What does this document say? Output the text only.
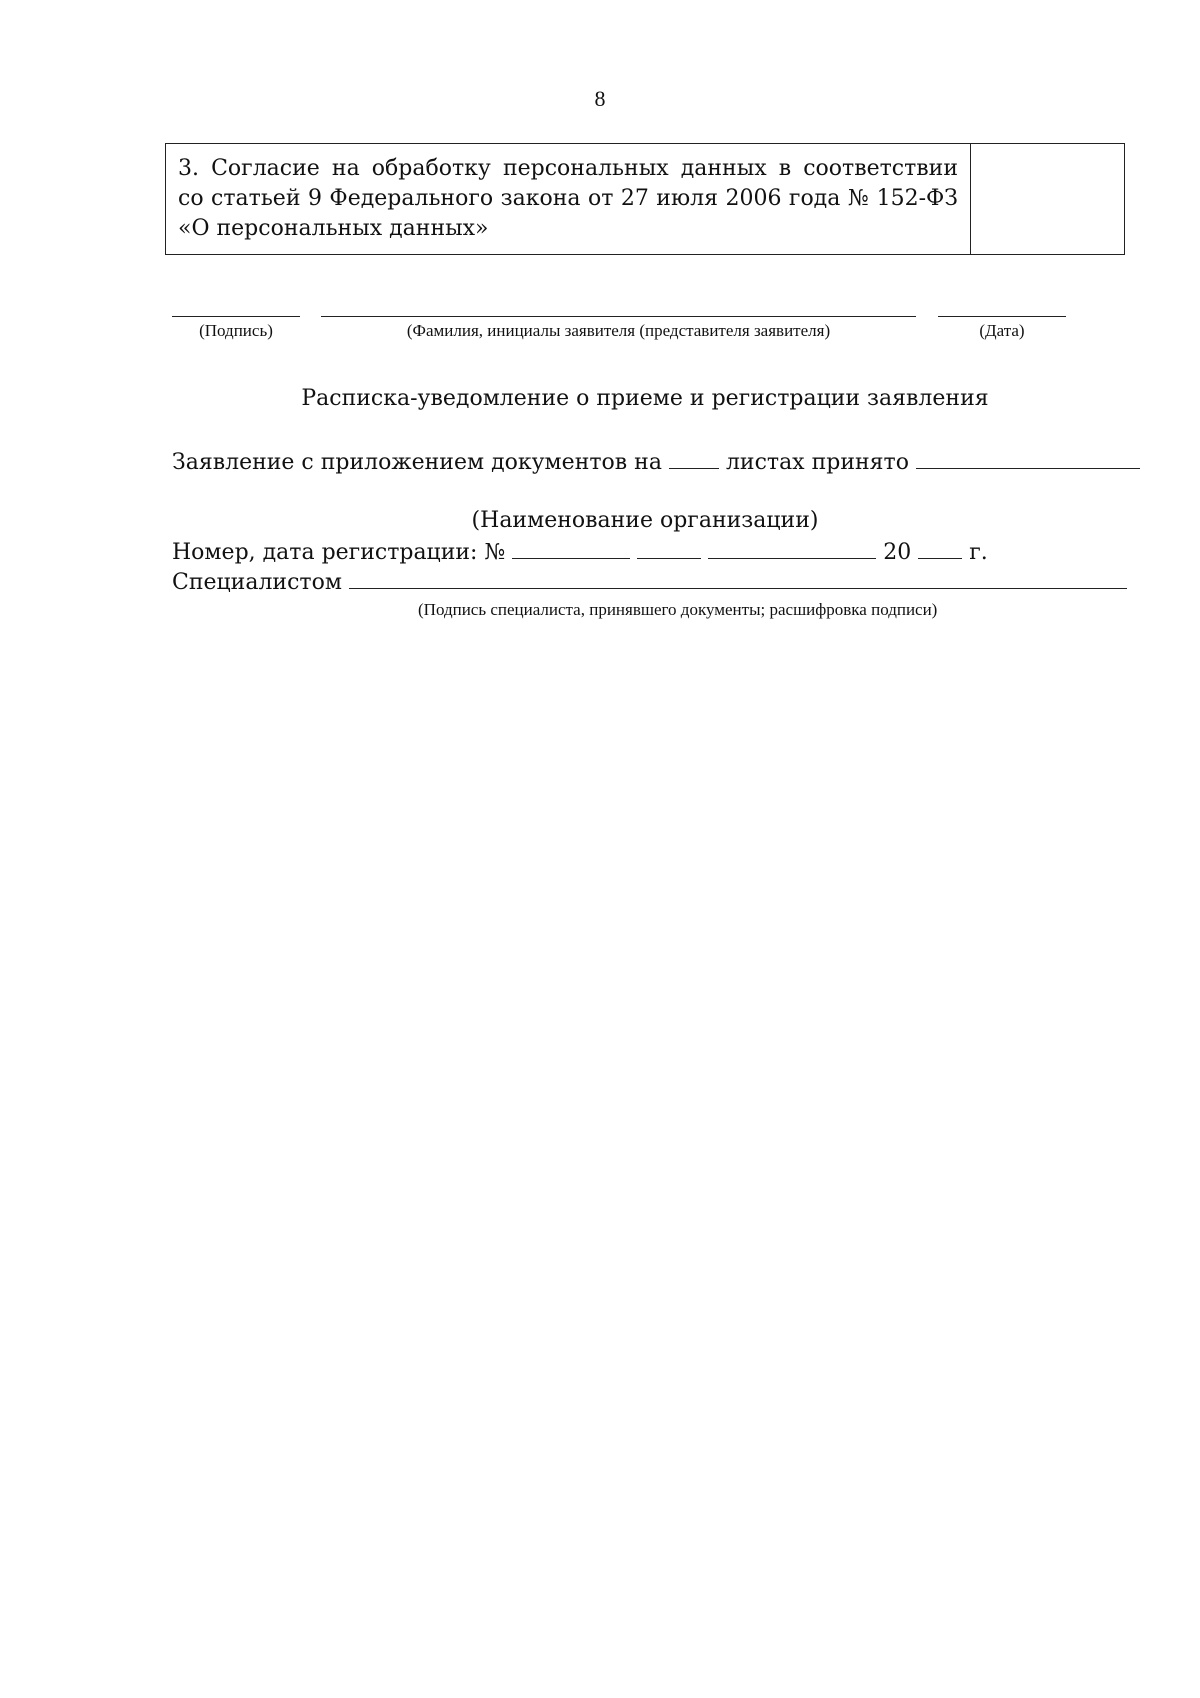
8
3. Согласие на обработку персональных данных в соответствии
со статьей 9 Федерального закона от 27 июля 2006 года № 152-ФЗ
«О персональных данных»
(Подпись)	(Фамилия, инициалы заявителя (представителя заявителя)	(Дата)
Расписка-уведомление о приеме и регистрации заявления
Заявление с приложением документов на	листах принято
(Наименование организации)
Номер, дата регистрации: №	20	г.
Специалистом
(Подпись специалиста, принявшего документы; расшифровка подписи)
